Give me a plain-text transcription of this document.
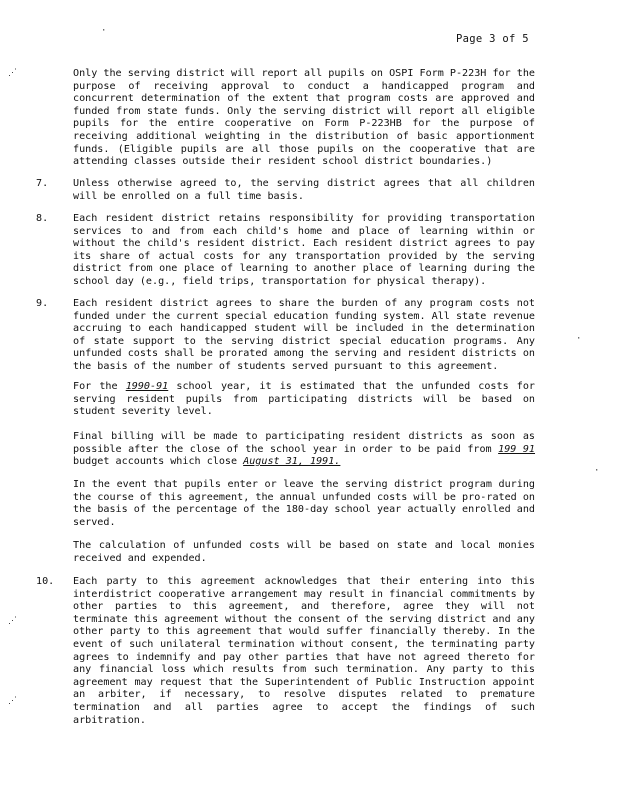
Page 3 of 5
·
⋰
·
·
⋰
⋰

Only the serving district will report all pupils on OSPI Form P-223H for the purpose of receiving approval to conduct a handicapped program and concurrent determination of the extent that program costs are approved and funded from state funds. Only the serving district will report all eligible pupils for the entire cooperative on Form P-223HB for the purpose of receiving additional weighting in the distribution of basic apportionment funds. (Eligible pupils are all those pupils on the cooperative that are attending classes outside their resident school district boundaries.)

7. Unless otherwise agreed to, the serving district agrees that all children will be enrolled on a full time basis.

8. Each resident district retains responsibility for providing transportation services to and from each child's home and place of learning within or without the child's resident district. Each resident district agrees to pay its share of actual costs for any transportation provided by the serving district from one place of learning to another place of learning during the school day (e.g., field trips, transportation for physical therapy).

9. Each resident district agrees to share the burden of any program costs not funded under the current special education funding system. All state revenue accruing to each handicapped student will be included in the determination of state support to the serving district special education programs. Any unfunded costs shall be prorated among the serving and resident districts on the basis of the number of students served pursuant to this agreement.

For the 1990-91 school year, it is estimated that the unfunded costs for serving resident pupils from participating districts will be based on student severity level.

Final billing will be made to participating resident districts as soon as possible after the close of the school year in order to be paid from 199 91 budget accounts which close August 31, 1991.

In the event that pupils enter or leave the serving district program during the course of this agreement, the annual unfunded costs will be pro-rated on the basis of the percentage of the 180-day school year actually enrolled and served.

The calculation of unfunded costs will be based on state and local monies received and expended.

10. Each party to this agreement acknowledges that their entering into this interdistrict cooperative arrangement may result in financial commitments by other parties to this agreement, and therefore, agree they will not terminate this agreement without the consent of the serving district and any other party to this agreement that would suffer financially thereby. In the event of such unilateral termination without consent, the terminating party agrees to indemnify and pay other parties that have not agreed thereto for any financial loss which results from such termination. Any party to this agreement may request that the Superintendent of Public Instruction appoint an arbiter, if necessary, to resolve disputes related to premature termination and all parties agree to accept the findings of such arbitration.
